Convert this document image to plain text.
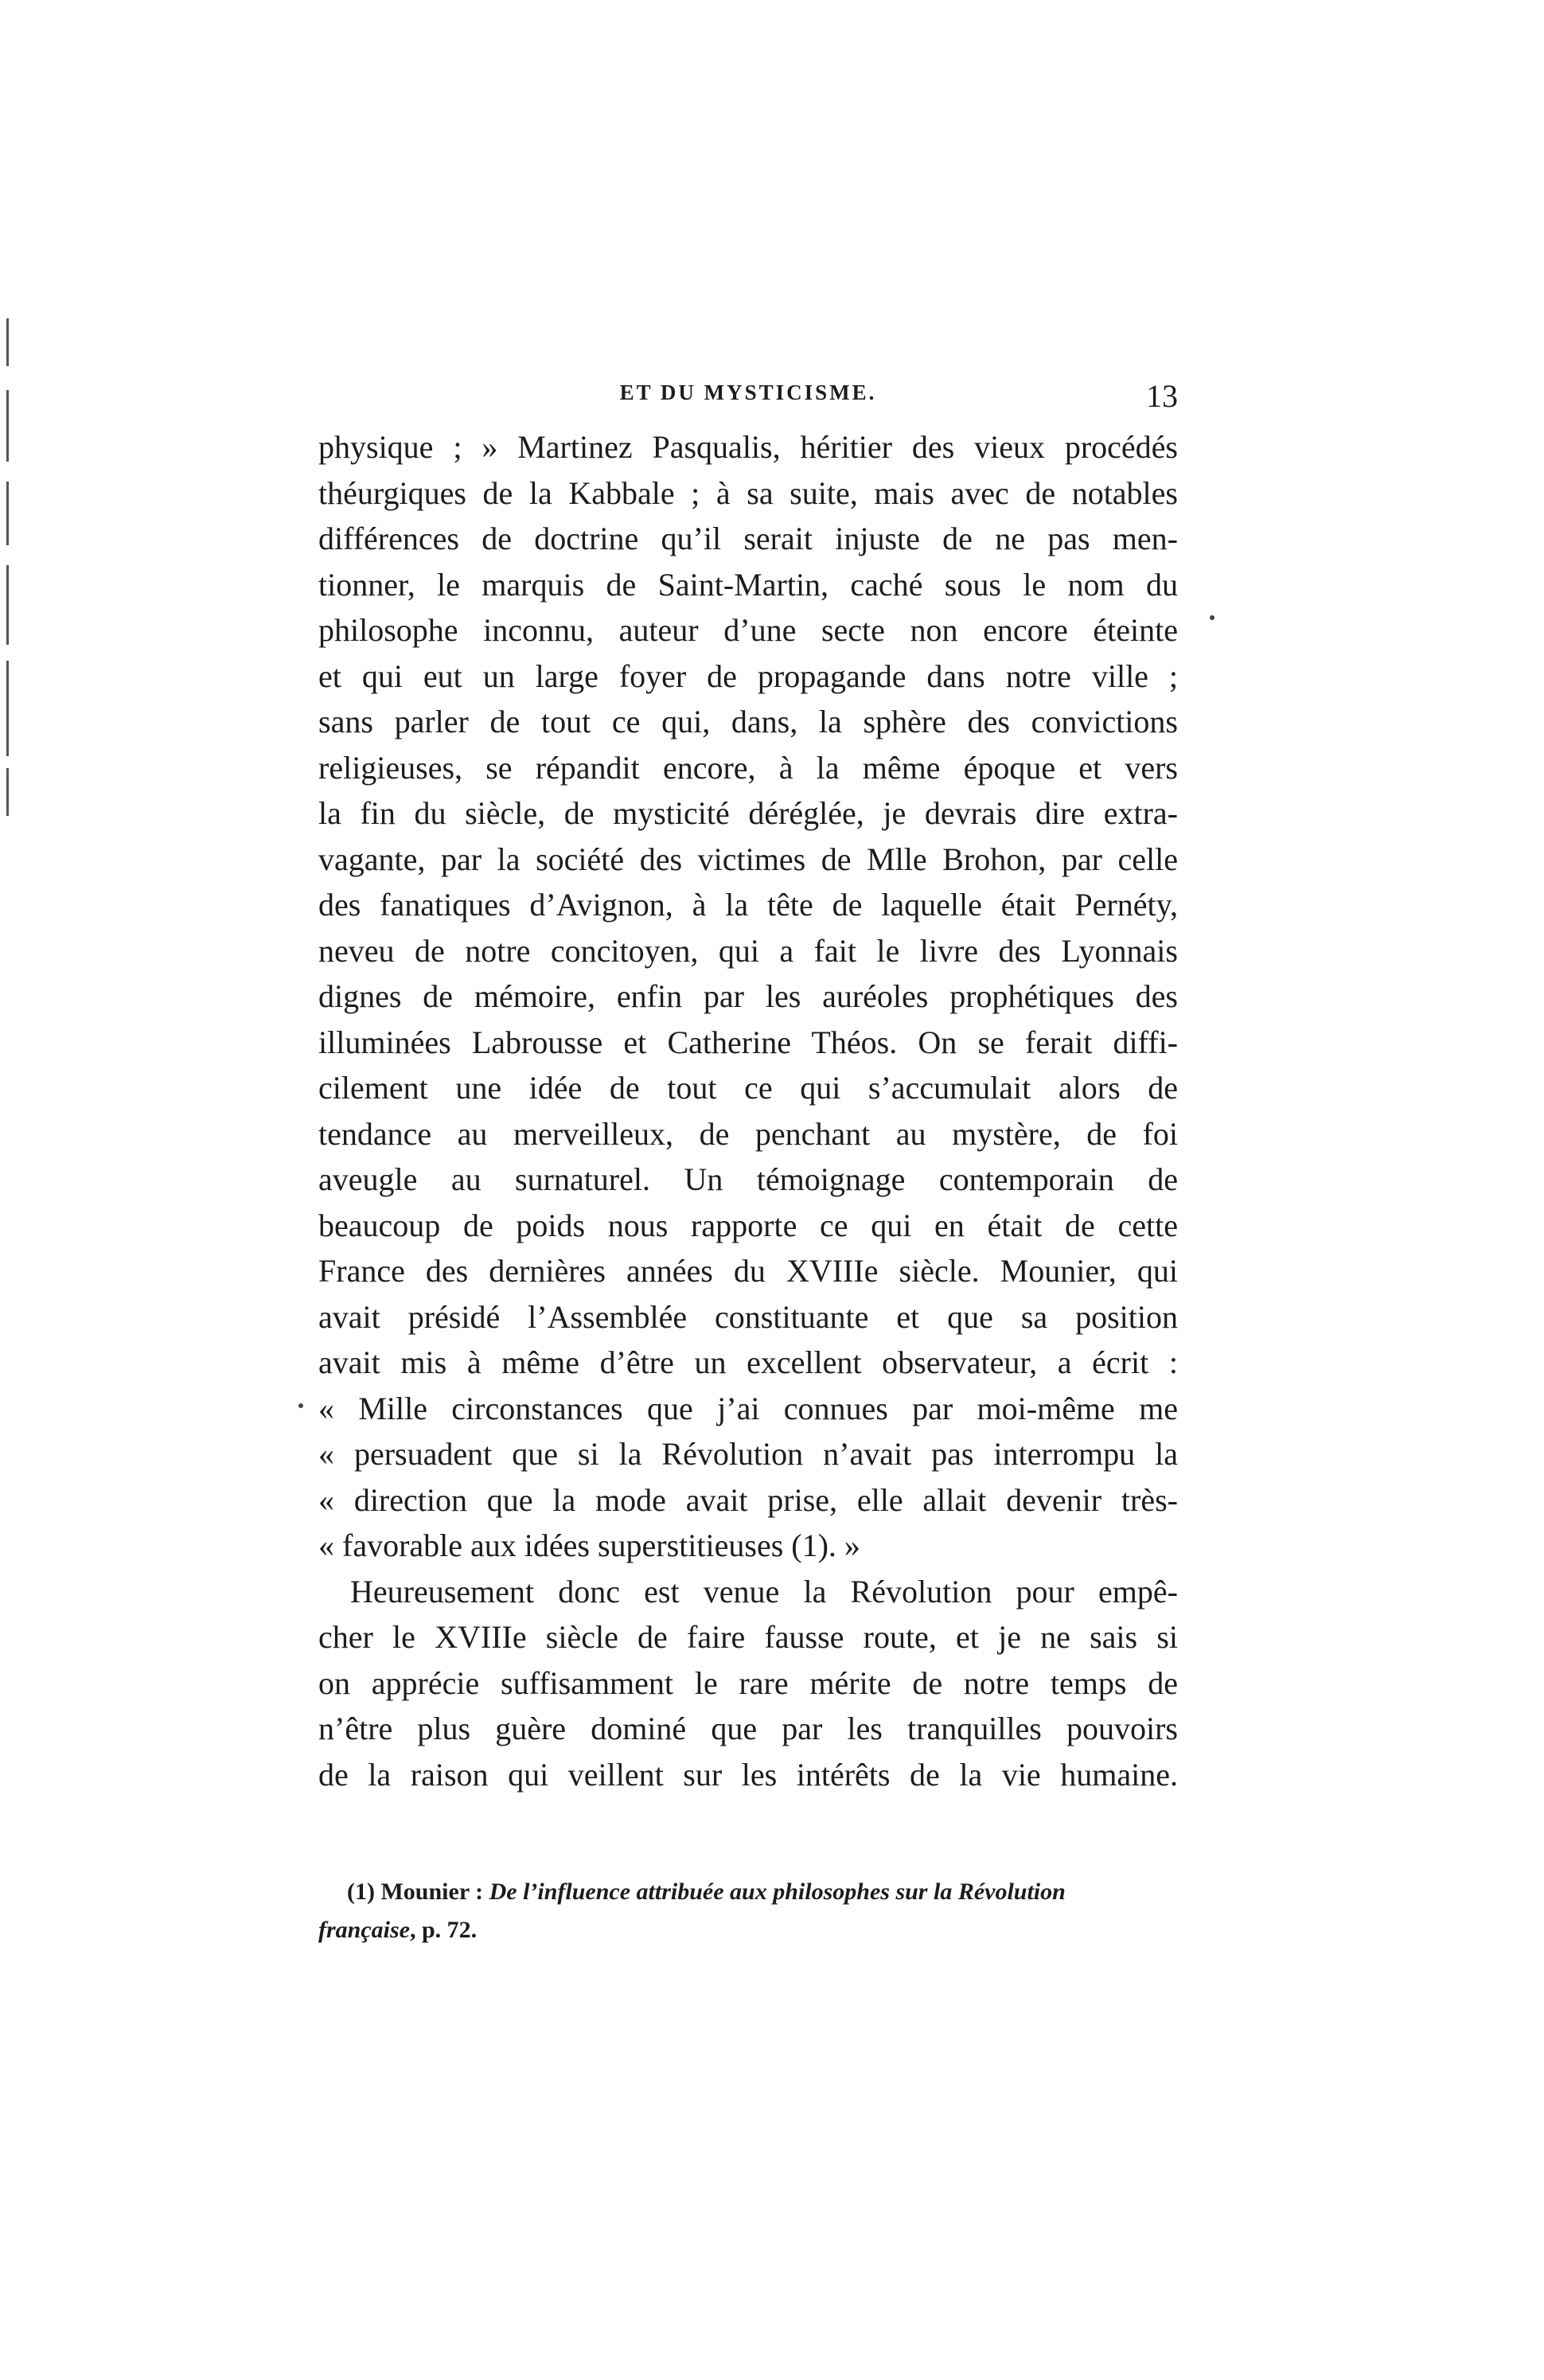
ET DU MYSTICISME.	13
physique ; » Martinez Pasqualis, héritier des vieux procédés
théurgiques de la Kabbale ; à sa suite, mais avec de notables
différences de doctrine qu’il serait injuste de ne pas men-
tionner, le marquis de Saint-Martin, caché sous le nom du
philosophe inconnu, auteur d’une secte non encore éteinte
et qui eut un large foyer de propagande dans notre ville ;
sans parler de tout ce qui, dans, la sphère des convictions
religieuses, se répandit encore, à la même époque et vers
la fin du siècle, de mysticité déréglée, je devrais dire extra-
vagante, par la société des victimes de Mlle Brohon, par celle
des fanatiques d’Avignon, à la tête de laquelle était Pernéty,
neveu de notre concitoyen, qui a fait le livre des Lyonnais
dignes de mémoire, enfin par les auréoles prophétiques des
illuminées Labrousse et Catherine Théos. On se ferait diffi-
cilement une idée de tout ce qui s’accumulait alors de
tendance au merveilleux, de penchant au mystère, de foi
aveugle au surnaturel. Un témoignage contemporain de
beaucoup de poids nous rapporte ce qui en était de cette
France des dernières années du XVIIIe siècle. Mounier, qui
avait présidé l’Assemblée constituante et que sa position
avait mis à même d’être un excellent observateur, a écrit :
« Mille circonstances que j’ai connues par moi-même me
« persuadent que si la Révolution n’avait pas interrompu la
« direction que la mode avait prise, elle allait devenir très-
« favorable aux idées superstitieuses (1). »
Heureusement donc est venue la Révolution pour empê-
cher le XVIIIe siècle de faire fausse route, et je ne sais si
on apprécie suffisamment le rare mérite de notre temps de
n’être plus guère dominé que par les tranquilles pouvoirs
de la raison qui veillent sur les intérêts de la vie humaine.
(1) Mounier : De l’influence attribuée aux philosophes sur la Révolution
française, p. 72.
